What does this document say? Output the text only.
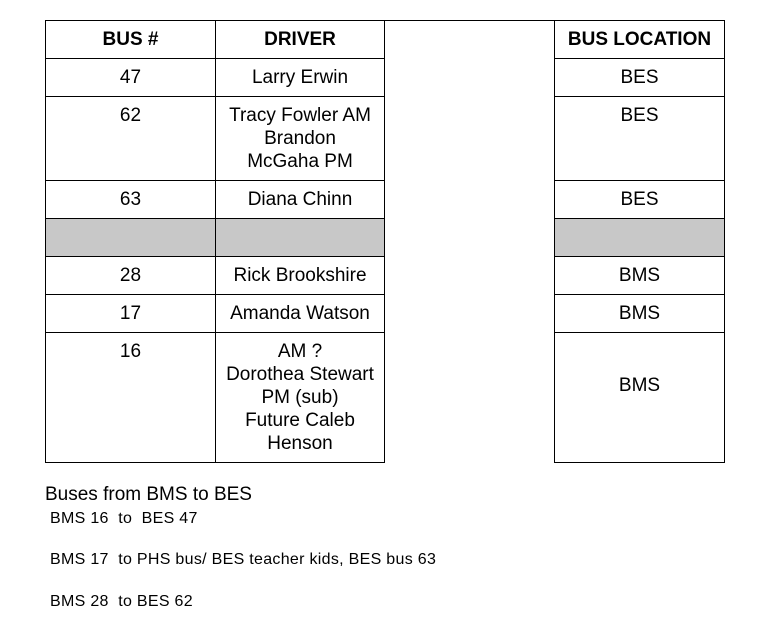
BUS #	DRIVER		BUS LOCATION
47	Larry Erwin		BES
62	Tracy Fowler AM
Brandon
McGaha PM		BES
63	Diana Chinn		BES

28	Rick Brookshire		BMS
17	Amanda Watson		BMS
16	AM ?
Dorothea Stewart
PM (sub)
Future Caleb
Henson		BMS
Buses from BMS to BES

BMS 16  to  BES 47

BMS 17  to PHS bus/ BES teacher kids, BES bus 63

BMS 28  to BES 62
